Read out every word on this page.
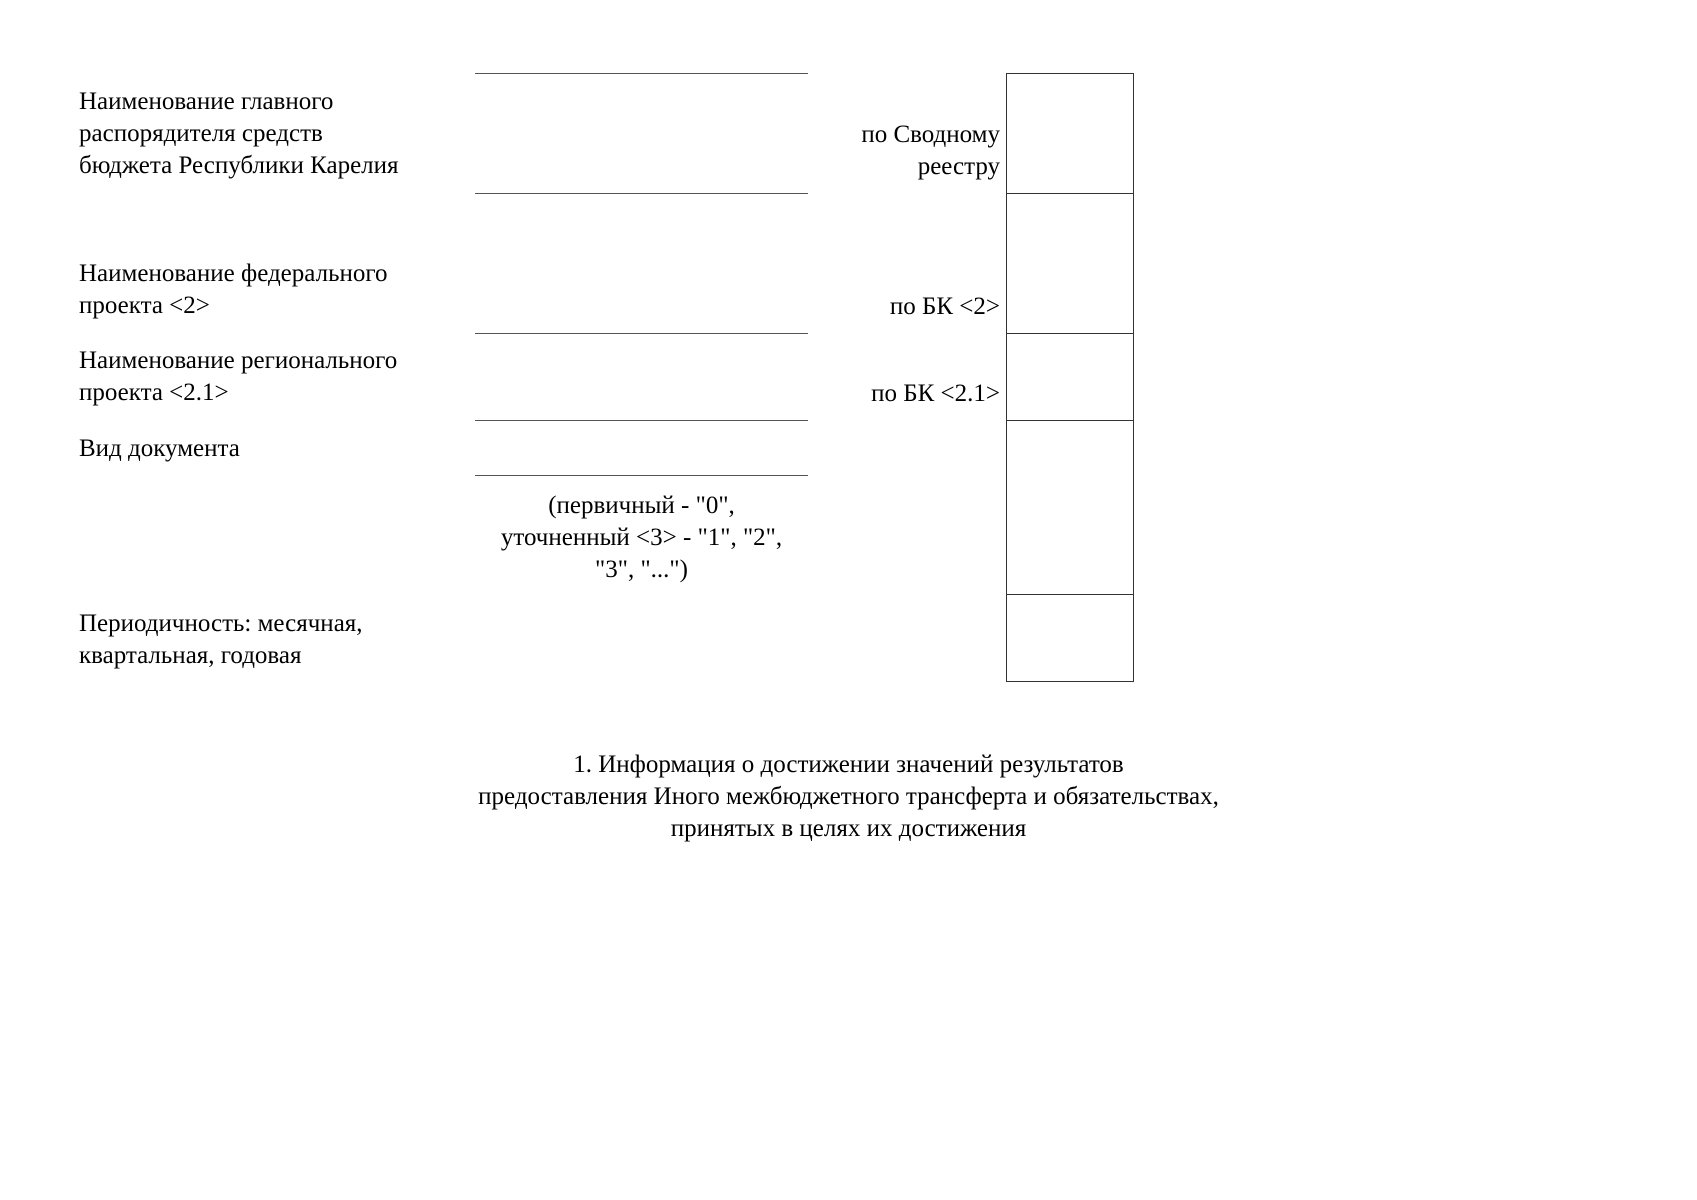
Наименование главного
распорядителя средств
бюджета Республики Карелия

Наименование федерального
проекта <2>

Наименование регионального
проекта <2.1>

Вид документа

Периодичность: месячная,
квартальная, годовая

(первичный - "0",
уточненный <3> - "1", "2",
"3", "...")

по Сводному
реестру

по БК <2>

по БК <2.1>

1. Информация о достижении значений результатов
предоставления Иного межбюджетного трансферта и обязательствах,
принятых в целях их достижения
